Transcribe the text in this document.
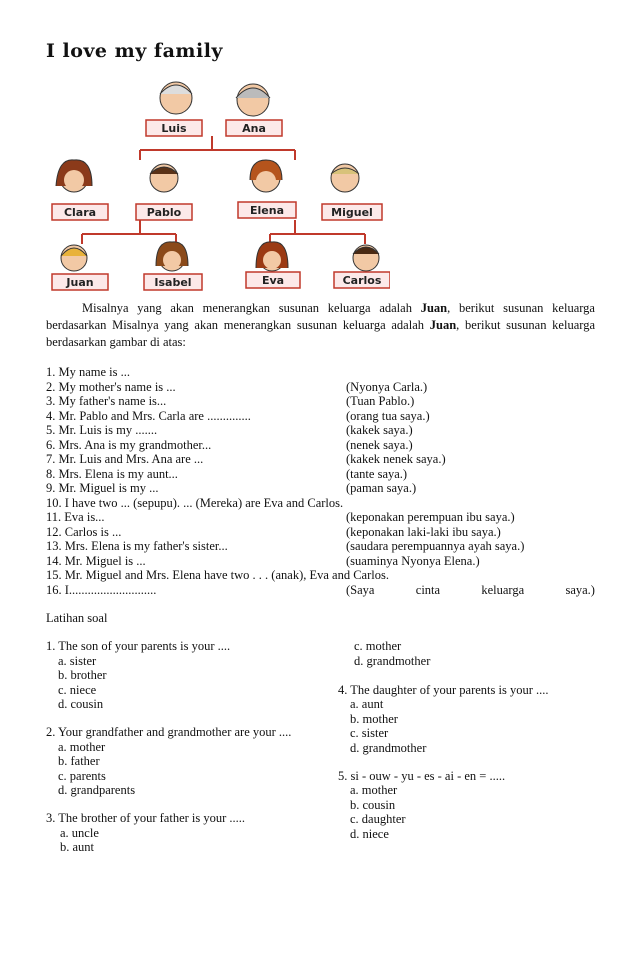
I love my family
Luis	Ana
Clara	Pablo	Elena	Miguel
Juan	Isabel	Eva	Carlos
Misalnya yang akan menerangkan susunan keluarga adalah Juan, berikut susunan keluarga berdasarkan Misalnya yang akan menerangkan susunan keluarga adalah Juan, berikut susunan keluarga berdasarkan gambar di atas:
1. My name is ...
2. My mother's name is ...	(Nyonya Carla.)
3. My father's name is...	(Tuan Pablo.)
4. Mr. Pablo and Mrs. Carla are ..............	(orang tua saya.)
5. Mr. Luis is my .......	(kakek saya.)
6. Mrs. Ana is my grandmother...	(nenek saya.)
7. Mr. Luis and Mrs. Ana are ...	(kakek nenek saya.)
8. Mrs. Elena is my aunt...	(tante saya.)
9. Mr. Miguel is my ...	(paman saya.)
10. I have two ... (sepupu). ... (Mereka) are Eva and Carlos.
11. Eva is...	(keponakan perempuan ibu saya.)
12. Carlos is ...	(keponakan laki-laki ibu saya.)
13. Mrs. Elena is my father's sister...	(saudara perempuannya ayah saya.)
14. Mr. Miguel is ...	(suaminya Nyonya Elena.)
15. Mr. Miguel and Mrs. Elena have two . . . (anak), Eva and Carlos.
16. I............................	(Saya	cinta	keluarga	saya.)
Latihan soal
1. The son of your parents is your ....
a. sister
b. brother
c. niece
d. cousin
2. Your grandfather and grandmother are your ....
a. mother
b. father
c. parents
d. grandparents
3. The brother of your father is your .....
a. uncle
b. aunt
c. mother
d. grandmother
4. The daughter of your parents is your ....
a. aunt
b. mother
c. sister
d. grandmother
5. si - ouw - yu - es - ai - en = .....
a. mother
b. cousin
c. daughter
d. niece
